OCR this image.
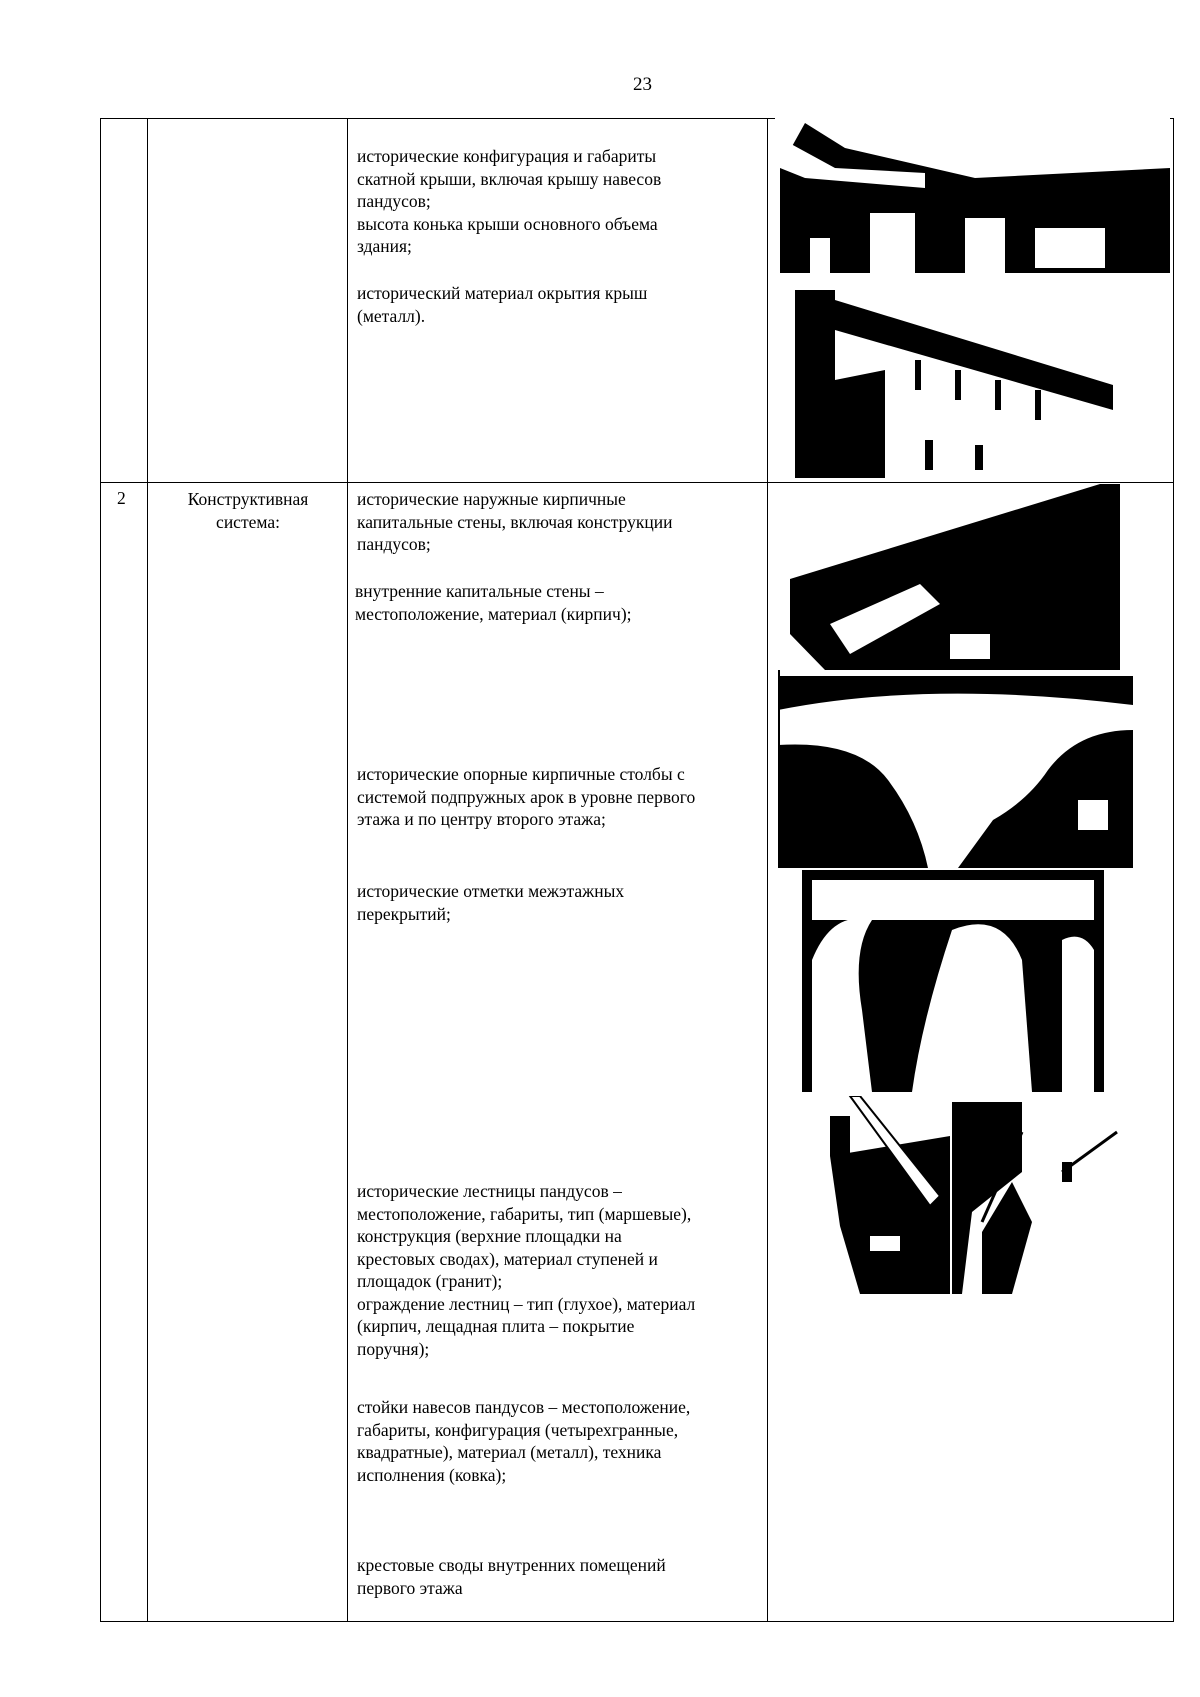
23
исторические конфигурация и габариты
скатной крыши, включая крышу навесов
пандусов;
высота конька крыши основного объема
здания;
исторический материал окрытия крыш
(металл).
2	Конструктивная
система:
исторические наружные кирпичные
капитальные стены, включая конструкции
пандусов;
внутренние капитальные стены –
местоположение, материал (кирпич);
исторические опорные кирпичные столбы с
системой подпружных арок в уровне первого
этажа и по центру второго этажа;
исторические отметки межэтажных
перекрытий;
исторические лестницы пандусов –
местоположение, габариты, тип (маршевые),
конструкция (верхние площадки на
крестовых сводах), материал ступеней и
площадок (гранит);
ограждение лестниц – тип (глухое), материал
(кирпич, лещадная плита – покрытие
поручня);
стойки навесов пандусов – местоположение,
габариты, конфигурация (четырехгранные,
квадратные), материал (металл), техника
исполнения (ковка);
крестовые своды внутренних помещений
первого этажа
